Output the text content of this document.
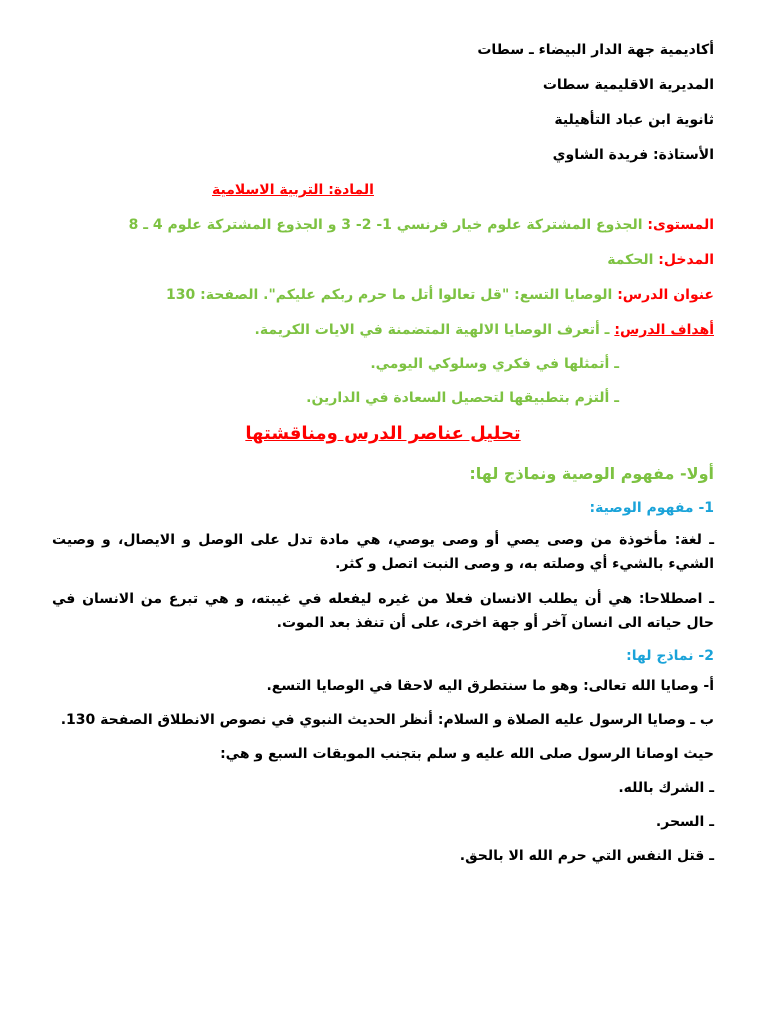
أكاديمية جهة الدار البيضاء ـ سطات

المديرية الاقليمية سطات

ثانوية ابن عباد التأهيلية

الأستاذة: فريدة الشاوي

المادة: التربية الاسلامية

المستوى: الجذوع المشتركة علوم خيار فرنسي 1- 2- 3 و الجذوع المشتركة علوم 4 ـ 8

المدخل: الحكمة

عنوان الدرس: الوصايا التسع: "قل تعالوا أتل ما حرم ربكم عليكم". الصفحة: 130

أهداف الدرس: ـ أتعرف الوصايا الالهية المتضمنة في الايات الكريمة.

ـ أتمثلها في فكري وسلوكي اليومي.

ـ ألتزم بتطبيقها لتحصيل السعادة في الدارين.

تحليل عناصر الدرس ومناقشتها

أولا- مفهوم الوصية ونماذج لها:

1- مفهوم الوصية:

ـ لغة: مأخوذة من وصى يصي أو وصى يوصي، هي مادة تدل على الوصل و الايصال، و وصيت الشيء بالشيء أي وصلته به، و وصى النبت اتصل و كثر.

ـ اصطلاحا: هي أن يطلب الانسان فعلا من غيره ليفعله في غيبته، و هي تبرع من الانسان في حال حياته الى انسان آخر أو جهة اخرى، على أن تنفذ بعد الموت.

2- نماذج لها:

أ- وصايا الله تعالى: وهو ما سنتطرق اليه لاحقا في الوصايا التسع.

ب ـ وصايا الرسول عليه الصلاة و السلام: أنظر الحديث النبوي في نصوص الانطلاق الصفحة 130.

حيث اوصانا الرسول صلى الله عليه و سلم بتجنب الموبقات السبع و هي:

ـ الشرك بالله.

ـ السحر.

ـ قتل النفس التي حرم الله الا بالحق.
